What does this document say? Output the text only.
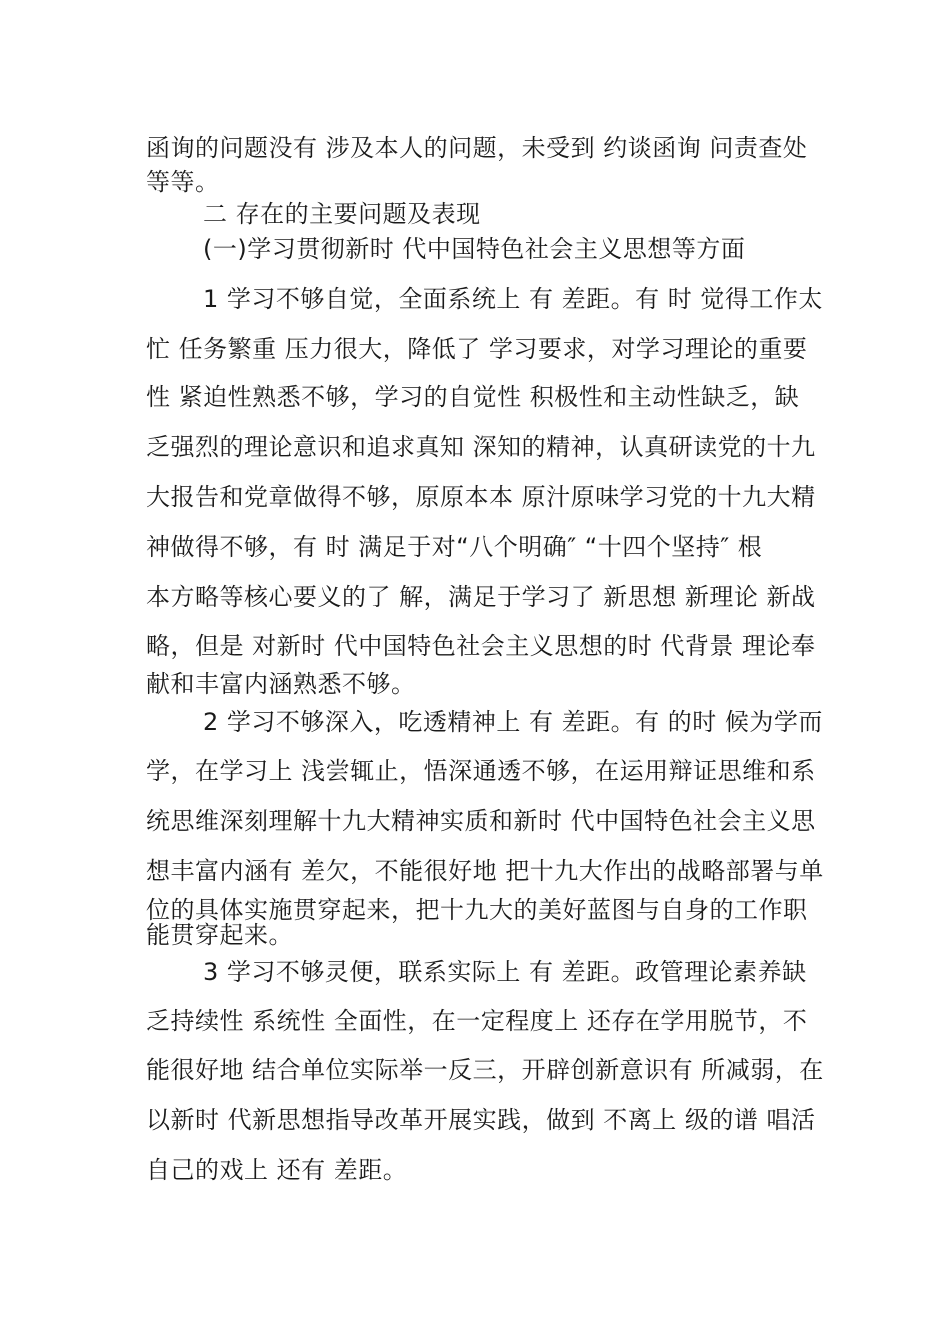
函询的问题没有 涉及本人的问题，未受到 约谈函询 问责查处
等等。
二 存在的主要问题及表现
(一)学习贯彻新时 代中国特色社会主义思想等方面
1 学习不够自觉，全面系统上 有 差距。有 时 觉得工作太
忙 任务繁重 压力很大，降低了 学习要求，对学习理论的重要
性 紧迫性熟悉不够，学习的自觉性 积极性和主动性缺乏，缺
乏强烈的理论意识和追求真知 深知的精神，认真研读党的十九
大报告和党章做得不够，原原本本 原汁原味学习党的十九大精
神做得不够，有 时 满足于对“八个明确″ “十四个坚持″ 根
本方略等核心要义的了 解，满足于学习了 新思想 新理论 新战
略，但是 对新时 代中国特色社会主义思想的时 代背景 理论奉
献和丰富内涵熟悉不够。
2 学习不够深入，吃透精神上 有 差距。有 的时 候为学而
学，在学习上 浅尝辄止，悟深通透不够，在运用辩证思维和系
统思维深刻理解十九大精神实质和新时 代中国特色社会主义思
想丰富内涵有 差欠，不能很好地 把十九大作出的战略部署与单
位的具体实施贯穿起来，把十九大的美好蓝图与自身的工作职
能贯穿起来。
3 学习不够灵便，联系实际上 有 差距。政管理论素养缺
乏持续性 系统性 全面性，在一定程度上 还存在学用脱节，不
能很好地 结合单位实际举一反三，开辟创新意识有 所减弱，在
以新时 代新思想指导改革开展实践，做到 不离上 级的谱 唱活
自己的戏上 还有 差距。
